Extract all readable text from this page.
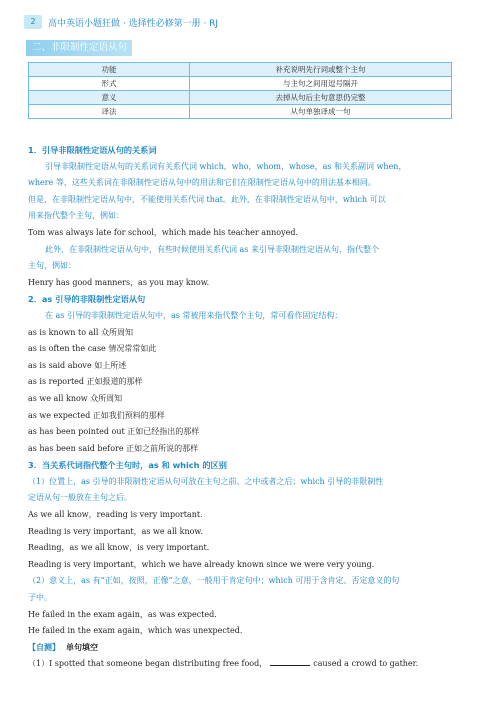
2	高中英语小题狂做 · 选择性必修第一册 · RJ
二、非限制性定语从句
功能	补充说明先行词或整个主句
形式	与主句之间用逗号隔开
意义	去掉从句后主句意思仍完整
译法	从句单独译成一句
1．引导非限制性定语从句的关系词
引导非限制性定语从句的关系词有关系代词 which，who，whom，whose，as 和关系副词 when，
where 等，这些关系词在非限制性定语从句中的用法和它们在限制性定语从句中的用法基本相同。
但是，在非限制性定语从句中，不能使用关系代词 that。此外，在非限制性定语从句中，which 可以
用来指代整个主句，例如：
Tom was always late for school，which made his teacher annoyed.
此外，在非限制性定语从句中，有些时候使用关系代词 as 来引导非限制性定语从句，指代整个
主句，例如：
Henry has good manners，as you may know.
2．as 引导的非限制性定语从句
在 as 引导的非限制性定语从句中，as 常被用来指代整个主句，常可看作固定结构：
as is known to all 众所周知
as is often the case 情况常常如此
as is said above 如上所述
as is reported 正如报道的那样
as we all know 众所周知
as we expected 正如我们预料的那样
as has been pointed out 正如已经指出的那样
as has been said before 正如之前所说的那样
3．当关系代词指代整个主句时，as 和 which 的区别
（1）位置上，as 引导的非限制性定语从句可放在主句之前、之中或者之后；which 引导的非限制性
定语从句一般放在主句之后。
As we all know，reading is very important.
Reading is very important，as we all know.
Reading，as we all know，is very important.
Reading is very important，which we have already known since we were very young.
（2）意义上，as 有“正如，按照，正像”之意，一般用于肯定句中；which 可用于含肯定、否定意义的句
子中。
He failed in the exam again，as was expected.
He failed in the exam again，which was unexpected.
【自测】 单句填空
（1）I spotted that someone began distributing free food，	caused a crowd to gather.
